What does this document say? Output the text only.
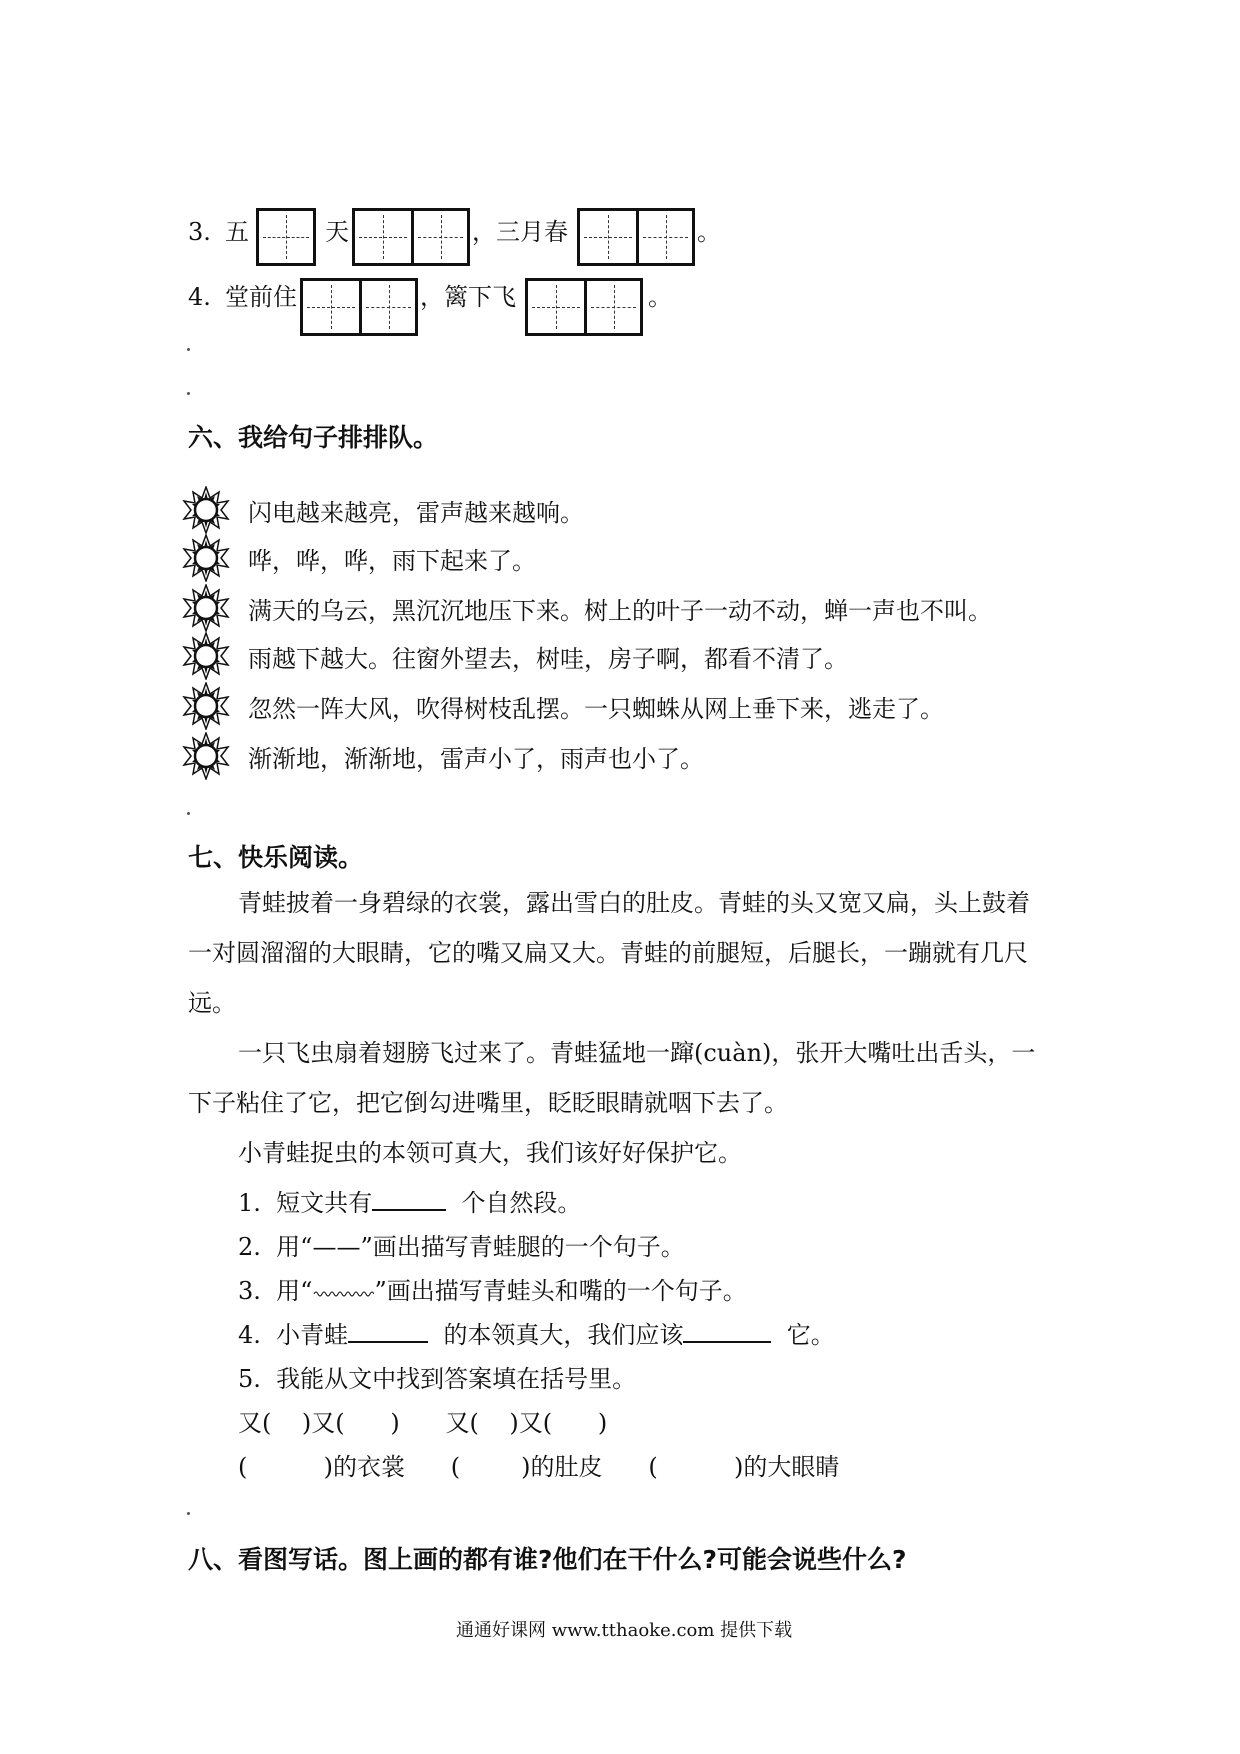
3. 五	天	，三月春	。
4. 堂前住	，篱下飞	。
六、我给句子排排队。
闪电越来越亮，雷声越来越响。
哗，哗，哗，雨下起来了。
满天的乌云，黑沉沉地压下来。树上的叶子一动不动，蝉一声也不叫。
雨越下越大。往窗外望去，树哇，房子啊，都看不清了。
忽然一阵大风，吹得树枝乱摆。一只蜘蛛从网上垂下来，逃走了。
渐渐地，渐渐地，雷声小了，雨声也小了。
七、快乐阅读。
青蛙披着一身碧绿的衣裳，露出雪白的肚皮。青蛙的头又宽又扁，头上鼓着
一对圆溜溜的大眼睛，它的嘴又扁又大。青蛙的前腿短，后腿长，一蹦就有几尺
远。
一只飞虫扇着翅膀飞过来了。青蛙猛地一蹿(cuàn)，张开大嘴吐出舌头，一
下子粘住了它，把它倒勾进嘴里，眨眨眼睛就咽下去了。
小青蛙捉虫的本领可真大，我们该好好保护它。
1. 短文共有	个自然段。
2. 用“——”画出描写青蛙腿的一个句子。
3. 用“	”画出描写青蛙头和嘴的一个句子。
4. 小青蛙	的本领真大，我们应该	它。
5. 我能从文中找到答案填在括号里。
又(    )又(      )      又(    )又(      )
(          )的衣裳      (        )的肚皮      (          )的大眼睛
八、看图写话。图上画的都有谁?他们在干什么?可能会说些什么?
通通好课网 www.tthaoke.com 提供下载
